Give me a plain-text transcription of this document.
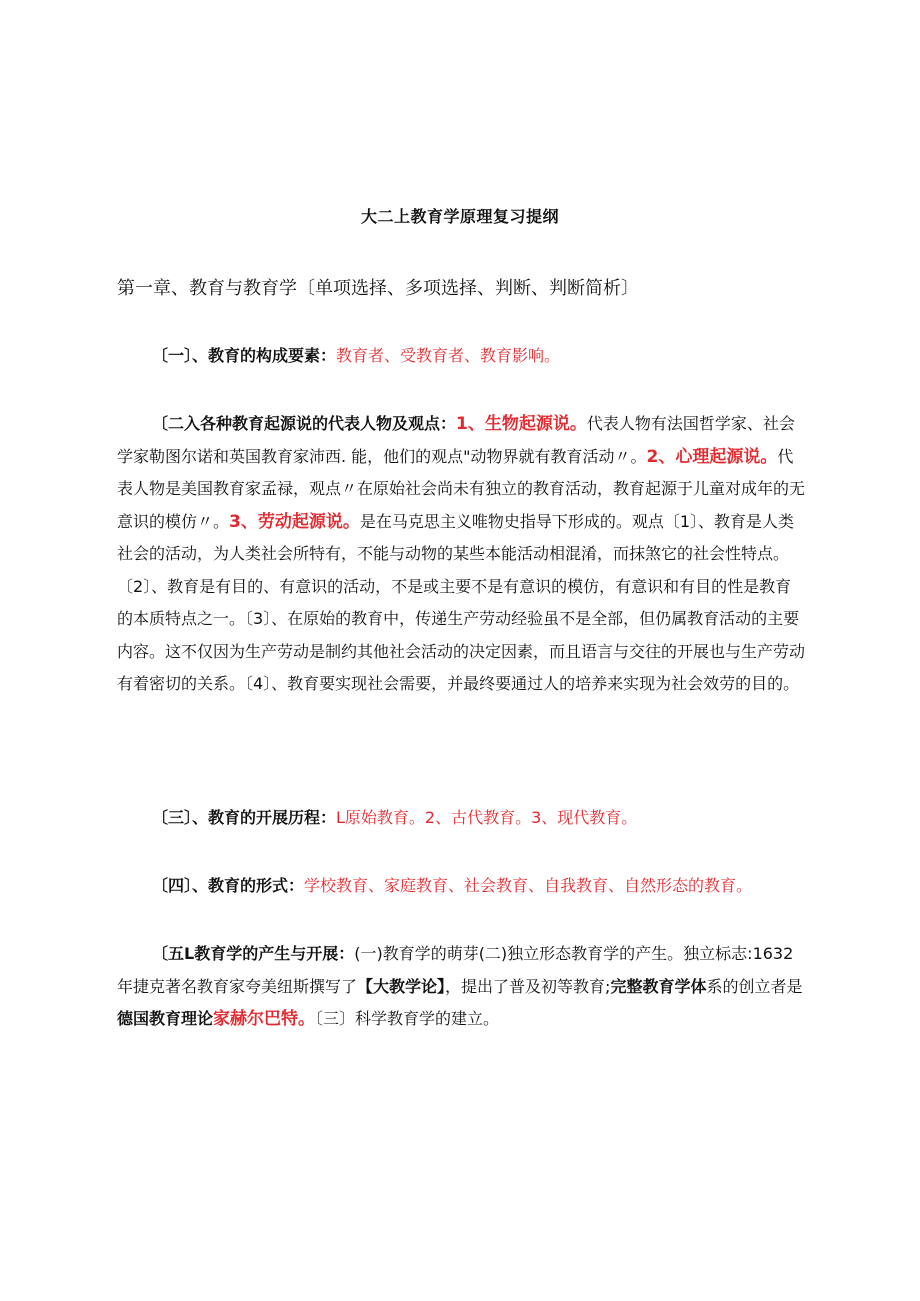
大二上教育学原理复习提纲
第一章、教育与教育学〔单项选择、多项选择、判断、判断简析〕
〔一〕、教育的构成要素：教育者、受教育者、教育影响。
〔二入各种教育起源说的代表人物及观点：1、生物起源说。代表人物有法国哲学家、社会学家勒图尔诺和英国教育家沛西. 能，他们的观点"动物界就有教育活动〃。2、心理起源说。代表人物是美国教育家孟禄，观点〃在原始社会尚未有独立的教育活动，教育起源于儿童对成年的无意识的模仿〃。3、劳动起源说。是在马克思主义唯物史指导下形成的。观点〔1〕、教育是人类社会的活动，为人类社会所特有，不能与动物的某些本能活动相混淆，而抹煞它的社会性特点。〔2〕、教育是有目的、有意识的活动，不是或主要不是有意识的模仿，有意识和有目的性是教育的本质特点之一。〔3〕、在原始的教育中，传递生产劳动经验虽不是全部，但仍属教育活动的主要内容。这不仅因为生产劳动是制约其他社会活动的决定因素，而且语言与交往的开展也与生产劳动有着密切的关系。〔4〕、教育要实现社会需要，并最终要通过人的培养来实现为社会效劳的目的。
〔三〕、教育的开展历程：L原始教育。2、古代教育。3、现代教育。
〔四〕、教育的形式：学校教育、家庭教育、社会教育、自我教育、自然形态的教育。
〔五L教育学的产生与开展：(一)教育学的萌芽(二)独立形态教育学的产生。独立标志:1632年捷克著名教育家夸美纽斯撰写了【大教学论】，提出了普及初等教育;完整教育学体系的创立者是德国教育理论家赫尔巴特。〔三〕科学教育学的建立。
